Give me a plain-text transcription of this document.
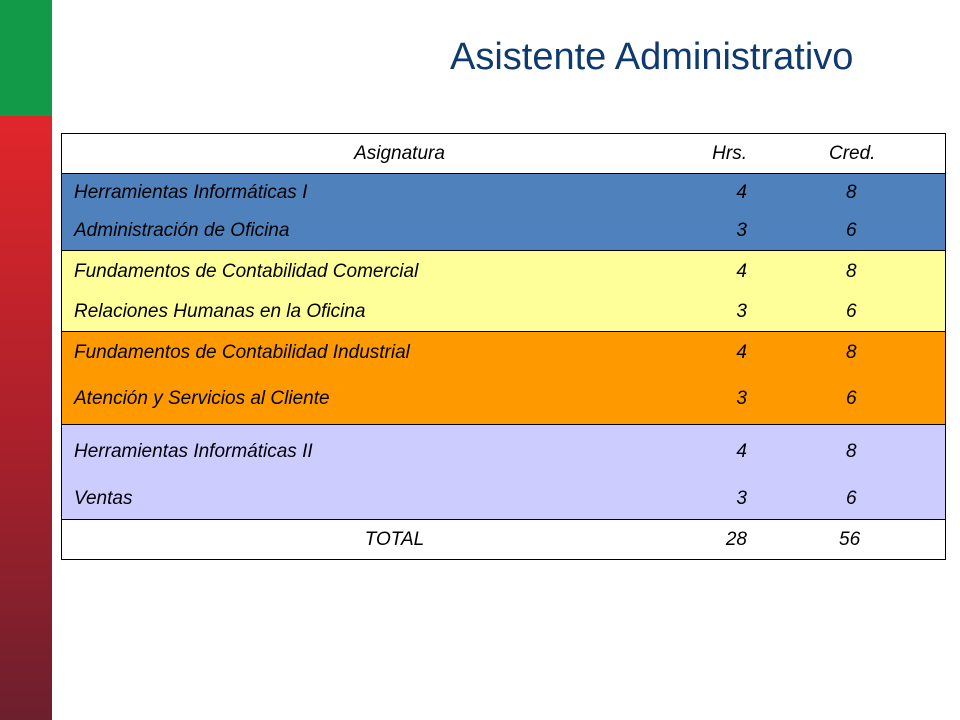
Asistente Administrativo
Asignatura	Hrs.	Cred.
Herramientas Informáticas I	4	8
Administración de Oficina	3	6
Fundamentos de Contabilidad Comercial	4	8
Relaciones Humanas en la Oficina	3	6
Fundamentos de Contabilidad Industrial	4	8
Atención y Servicios al Cliente	3	6
Herramientas Informáticas II	4	8
Ventas	3	6
TOTAL	28	56
